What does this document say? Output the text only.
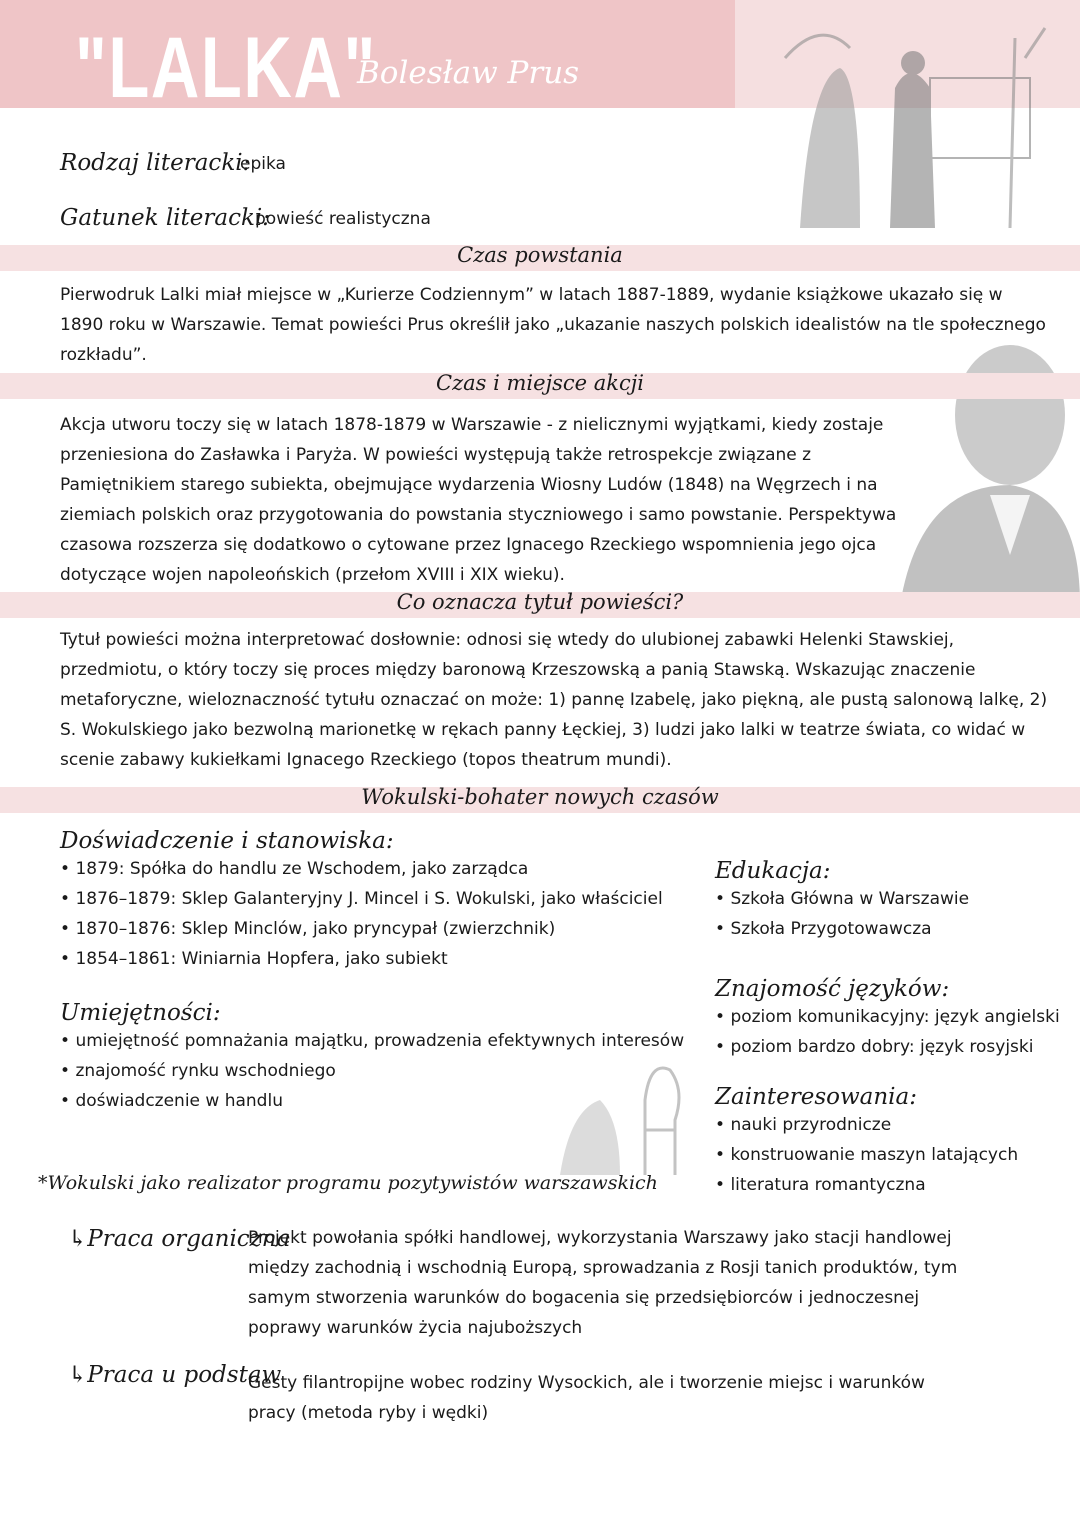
"LALKA"
Bolesław Prus
Rodzaj literacki:
epika
Gatunek literacki:
powieść realistyczna
Czas powstania
Pierwodruk Lalki miał miejsce w „Kurierze Codziennym” w latach 1887-1889, wydanie książkowe ukazało się w 1890 roku w Warszawie. Temat powieści Prus określił jako „ukazanie naszych polskich idealistów na tle społecznego rozkładu”.
Czas i miejsce akcji
Akcja utworu toczy się w latach 1878-1879 w Warszawie - z nielicznymi wyjątkami, kiedy zostaje przeniesiona do Zasławka i Paryża. W powieści występują także retrospekcje związane z Pamiętnikiem starego subiekta, obejmujące wydarzenia Wiosny Ludów (1848) na Węgrzech i na ziemiach polskich oraz przygotowania do powstania styczniowego i samo powstanie. Perspektywa czasowa rozszerza się dodatkowo o cytowane przez Ignacego Rzeckiego wspomnienia jego ojca dotyczące wojen napoleońskich (przełom XVIII i XIX wieku).
Co oznacza tytuł powieści?
Tytuł powieści można interpretować dosłownie: odnosi się wtedy do ulubionej zabawki Helenki Stawskiej, przedmiotu, o który toczy się proces między baronową Krzeszowską a panią Stawską. Wskazując znaczenie metaforyczne, wieloznaczność tytułu oznaczać on może: 1) pannę Izabelę, jako piękną, ale pustą salonową lalkę, 2) S. Wokulskiego jako bezwolną marionetkę w rękach panny Łęckiej, 3) ludzi jako lalki w teatrze świata, co widać w scenie zabawy kukiełkami Ignacego Rzeckiego (topos theatrum mundi).
Wokulski-bohater nowych czasów
Doświadczenie i stanowiska:
• 1879: Spółka do handlu ze Wschodem, jako zarządca
• 1876–1879: Sklep Galanteryjny J. Mincel i S. Wokulski, jako właściciel
• 1870–1876: Sklep Minclów, jako pryncypał (zwierzchnik)
• 1854–1861: Winiarnia Hopfera, jako subiekt
Umiejętności:
• umiejętność pomnażania majątku, prowadzenia efektywnych interesów
• znajomość rynku wschodniego
• doświadczenie w handlu
Edukacja:
• Szkoła Główna w Warszawie
• Szkoła Przygotowawcza
Znajomość języków:
• poziom komunikacyjny: język angielski
• poziom bardzo dobry: język rosyjski
Zainteresowania:
• nauki przyrodnicze
• konstruowanie maszyn latających
• literatura romantyczna
*Wokulski jako realizator programu pozytywistów warszawskich
↳Praca organiczna
Projekt powołania spółki handlowej, wykorzystania Warszawy jako stacji handlowej między zachodnią i wschodnią Europą, sprowadzania z Rosji tanich produktów, tym samym stworzenia warunków do bogacenia się przedsiębiorców i jednoczesnej poprawy warunków życia najuboższych
↳Praca u podstaw
Gesty filantropijne wobec rodziny Wysockich, ale i tworzenie miejsc i warunków pracy (metoda ryby i wędki)
